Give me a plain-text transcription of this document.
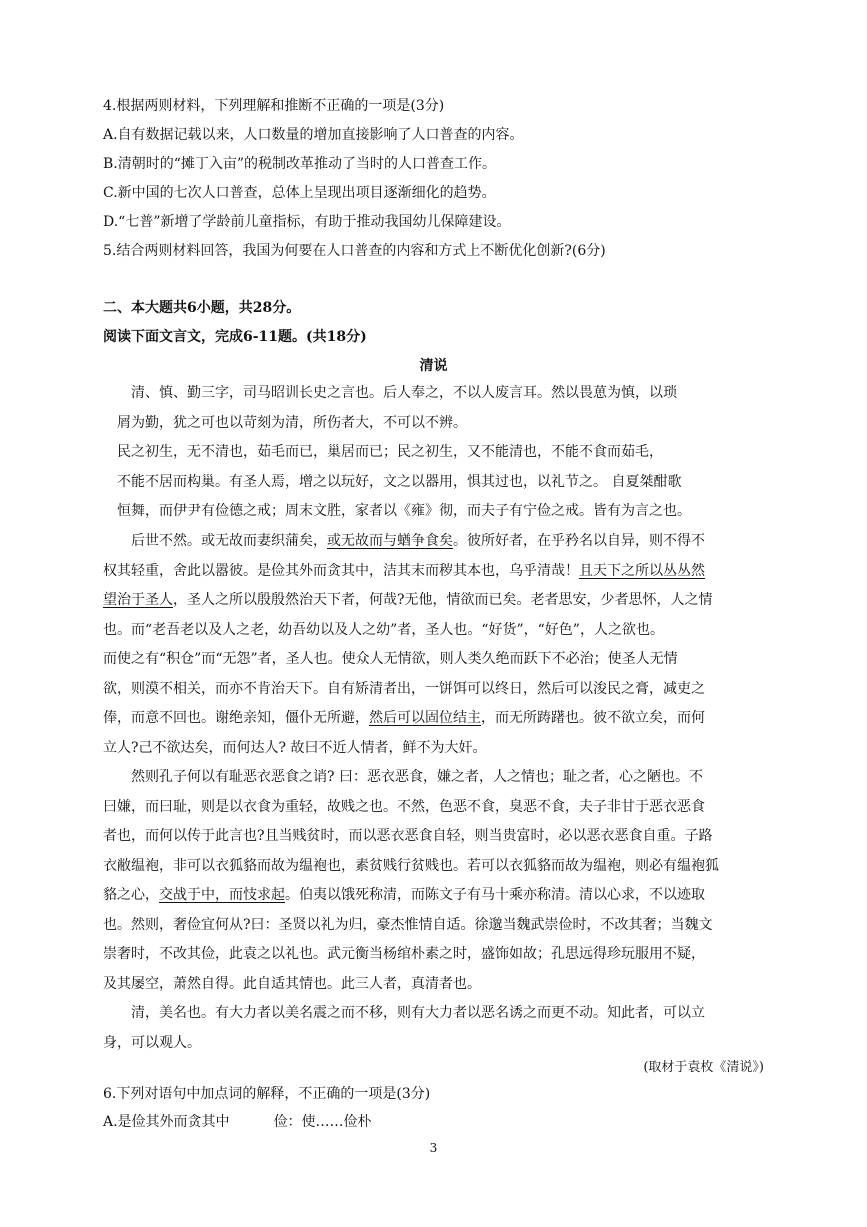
4.根据两则材料，下列理解和推断不正确的一项是(3分)
A.自有数据记载以来，人口数量的增加直接影响了人口普查的内容。
B.清朝时的“摊丁入亩”的税制改革推动了当时的人口普查工作。
C.新中国的七次人口普查，总体上呈现出项目逐渐细化的趋势。
D.“七普”新增了学龄前儿童指标，有助于推动我国幼儿保障建设。
5.结合两则材料回答，我国为何要在人口普查的内容和方式上不断优化创新?(6分)
二、本大题共6小题，共28分。
阅读下面文言文，完成6-11题。(共18分)
清说
清、慎、勤三字，司马昭训长史之言也。后人奉之，不以人废言耳。然以畏葸为慎，以琐
屑为勤，犹之可也以苛刻为清，所伤者大，不可以不辨。
民之初生，无不清也，茹毛而已，巢居而已；民之初生，又不能清也，不能不食而茹毛，
不能不居而构巢。有圣人焉，增之以玩好，文之以器用，惧其过也，以礼节之。 自夏桀酣歌
恒舞，而伊尹有俭德之戒；周末文胜，家者以《雍》彻，而夫子有宁俭之戒。皆有为言之也。
后世不然。或无故而妻织蒲矣，或无故而与蝤争食矣。彼所好者，在乎矜名以自异，则不得不
权其轻重，舍此以嚣彼。是俭其外而贪其中，洁其末而秽其本也，乌乎清哉！且天下之所以丛丛然
望治于圣人，圣人之所以殷殷然治天下者，何哉?无他，情欲而已矣。老者思安，少者思怀，人之情
也。而“老吾老以及人之老，幼吾幼以及人之幼”者，圣人也。“好货”，“好色”，人之欲也。
而使之有“积仓”而“无怨”者，圣人也。使众人无情欲，则人类久绝而跃下不必治；使圣人无情
欲，则漠不相关，而亦不肯治天下。自有矫清者出，一饼饵可以终日，然后可以浚民之膏，减吏之
俸，而意不回也。谢绝亲知，僵仆无所避，然后可以固位结主，而无所踌躇也。彼不欲立矣，而何
立人?己不欲达矣，而何达人? 故曰不近人情者，鲜不为大奸。
然则孔子何以有耻恶衣恶食之诮? 曰：恶衣恶食，嫌之者，人之情也；耻之者，心之陋也。不
曰嫌，而曰耻，则是以衣食为重轻，故贱之也。不然，色恶不食，臭恶不食，夫子非甘于恶衣恶食
者也，而何以传于此言也?且当贱贫时，而以恶衣恶食自轻，则当贵富时，必以恶衣恶食自重。子路
衣敝缊袍，非可以衣狐貉而故为缊袍也，素贫贱行贫贱也。若可以衣狐貉而故为缊袍，则必有缊袍狐
貉之心，交战于中，而忮求起。伯夷以饿死称清，而陈文子有马十乘亦称清。清以心求，不以迹取
也。然则，奢俭宜何从?曰：圣贤以礼为归，豪杰惟情自适。徐邈当魏武崇俭时，不改其奢；当魏文
崇奢时，不改其俭，此袁之以礼也。武元衡当杨绾朴素之时，盛饰如故；孔思远得珍玩服用不疑，
及其屡空，萧然自得。此自适其情也。此三人者，真清者也。
清，美名也。有大力者以美名震之而不移，则有大力者以恶名诱之而更不动。知此者，可以立
身，可以观人。
(取材于袁枚《清说》)
6.下列对语句中加点词的解释，不正确的一项是(3分)
A.是俭其外而贪其中	俭：使……俭朴
3
